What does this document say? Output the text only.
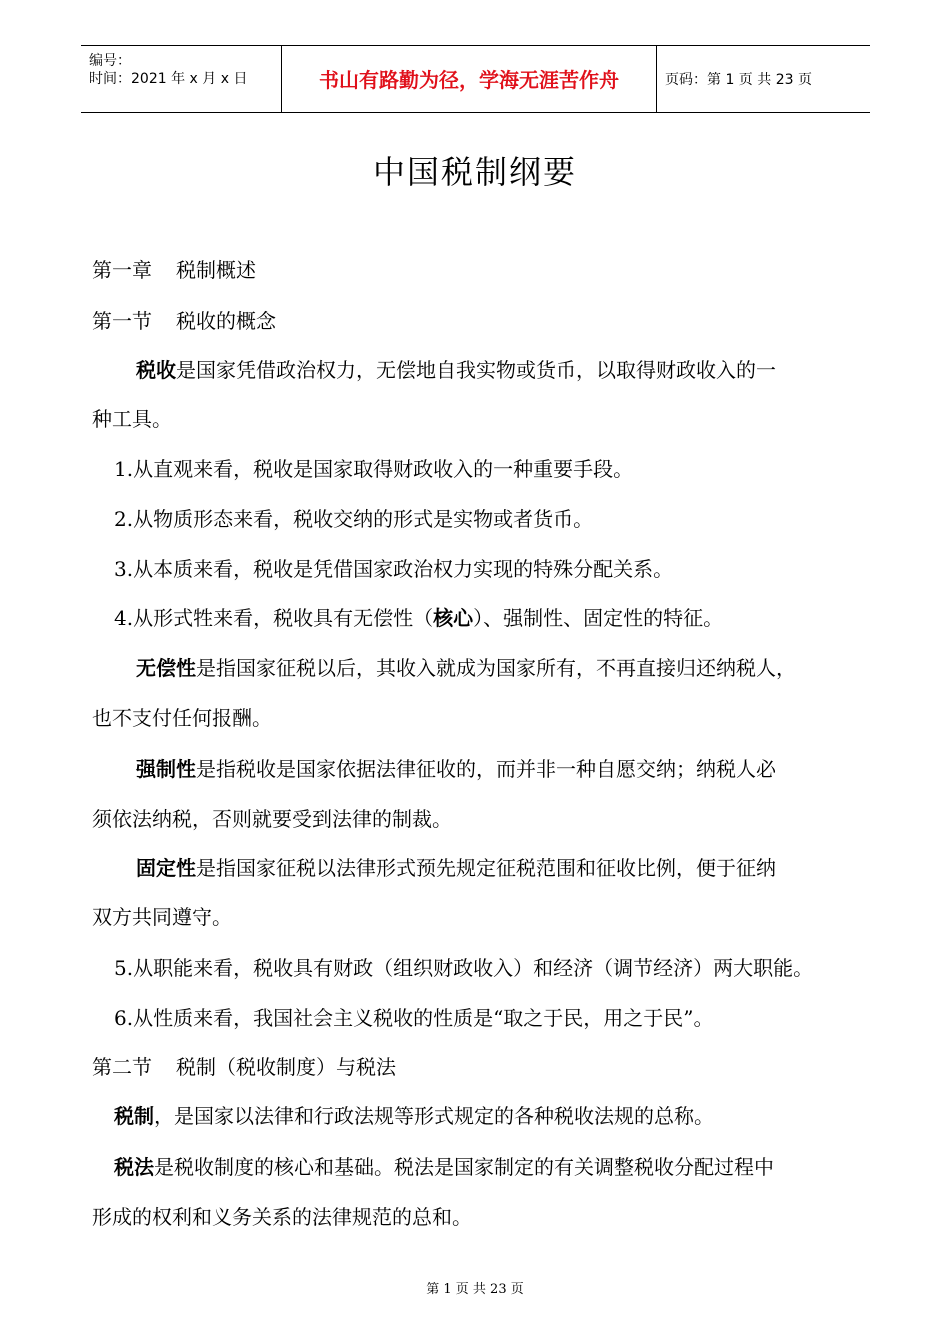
编号：
时间：2021 年 x 月 x 日	书山有路勤为径，学海无涯苦作舟	页码：第 1 页 共 23 页
中国税制纲要
第一章 税制概述
第一节 税收的概念
税收是国家凭借政治权力，无偿地自我实物或货币，以取得财政收入的一
种工具。
1.从直观来看，税收是国家取得财政收入的一种重要手段。
2.从物质形态来看，税收交纳的形式是实物或者货币。
3.从本质来看，税收是凭借国家政治权力实现的特殊分配关系。
4.从形式牲来看，税收具有无偿性（核心）、强制性、固定性的特征。
无偿性是指国家征税以后，其收入就成为国家所有，不再直接归还纳税人，
也不支付任何报酬。
强制性是指税收是国家依据法律征收的，而并非一种自愿交纳；纳税人必
须依法纳税，否则就要受到法律的制裁。
固定性是指国家征税以法律形式预先规定征税范围和征收比例，便于征纳
双方共同遵守。
5.从职能来看，税收具有财政（组织财政收入）和经济（调节经济）两大职能。
6.从性质来看，我国社会主义税收的性质是“取之于民，用之于民”。
第二节 税制（税收制度）与税法
税制，是国家以法律和行政法规等形式规定的各种税收法规的总称。
税法是税收制度的核心和基础。税法是国家制定的有关调整税收分配过程中
形成的权利和义务关系的法律规范的总和。
第 1 页 共 23 页
